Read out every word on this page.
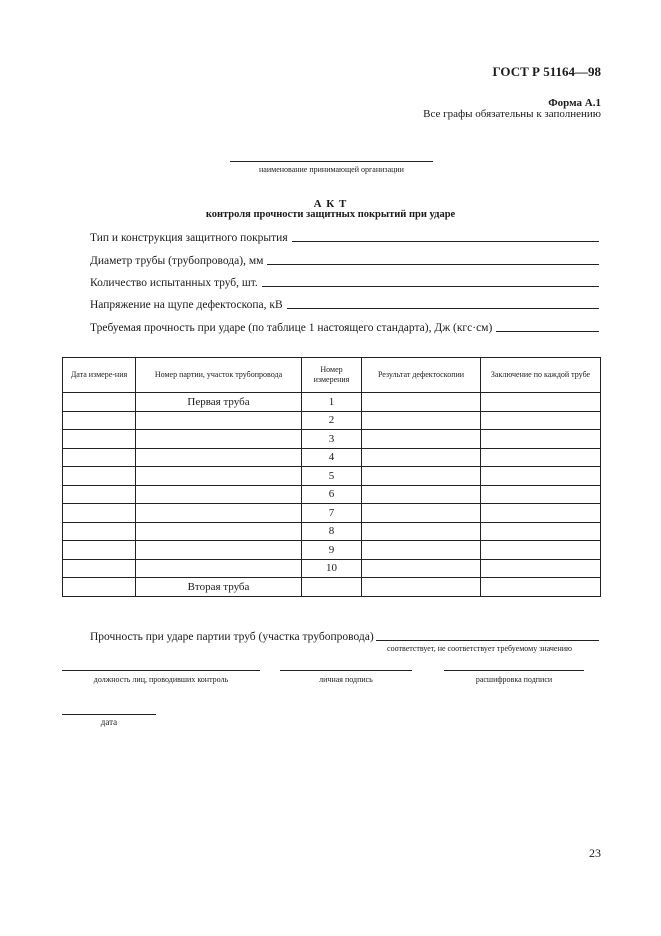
ГОСТ Р 51164—98
Форма А.1
Все графы обязательны к заполнению
наименование принимающей организации
А К Т
контроля прочности защитных покрытий при ударе
Тип и конструкция защитного покрытия
Диаметр трубы (трубопровода), мм
Количество испытанных труб, шт.
Напряжение на щупе дефектоскопа, кВ
Требуемая прочность при ударе (по таблице 1 настоящего стандарта), Дж (кгс·см)
Дата измере-ния	Номер партии, участок трубопровода	Номер измерения	Результат дефектоскопии	Заключение по каждой трубе
	Первая труба	1		
		2		
		3		
		4		
		5		
		6		
		7		
		8		
		9		
		10		
	Вторая труба			
Прочность при ударе партии труб (участка трубопровода)
соответствует, не соответствует требуемому значению
должность лиц, проводивших контроль	личная подпись	расшифровка подписи
дата
23
